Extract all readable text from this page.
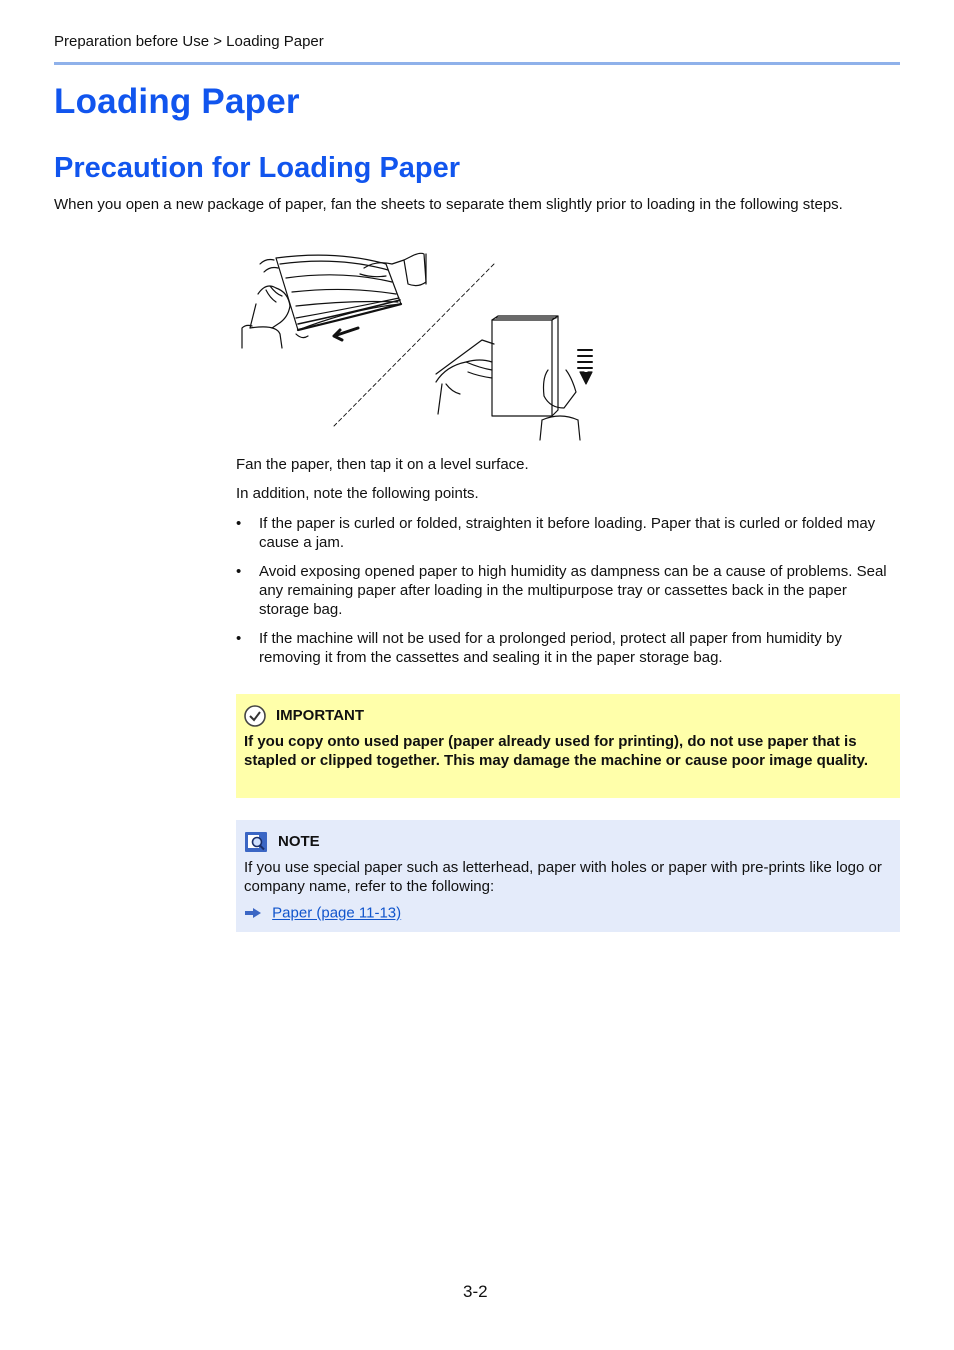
Preparation before Use > Loading Paper
Loading Paper
Precaution for Loading Paper
When you open a new package of paper, fan the sheets to separate them slightly prior to loading in the following steps.
Fan the paper, then tap it on a level surface.
In addition, note the following points.
• If the paper is curled or folded, straighten it before loading. Paper that is curled or folded may cause a jam.
• Avoid exposing opened paper to high humidity as dampness can be a cause of problems. Seal any remaining paper after loading in the multipurpose tray or cassettes back in the paper storage bag.
• If the machine will not be used for a prolonged period, protect all paper from humidity by removing it from the cassettes and sealing it in the paper storage bag.
IMPORTANT
If you copy onto used paper (paper already used for printing), do not use paper that is stapled or clipped together. This may damage the machine or cause poor image quality.
NOTE
If you use special paper such as letterhead, paper with holes or paper with pre-prints like logo or company name, refer to the following:
Paper (page 11-13)
3-2
